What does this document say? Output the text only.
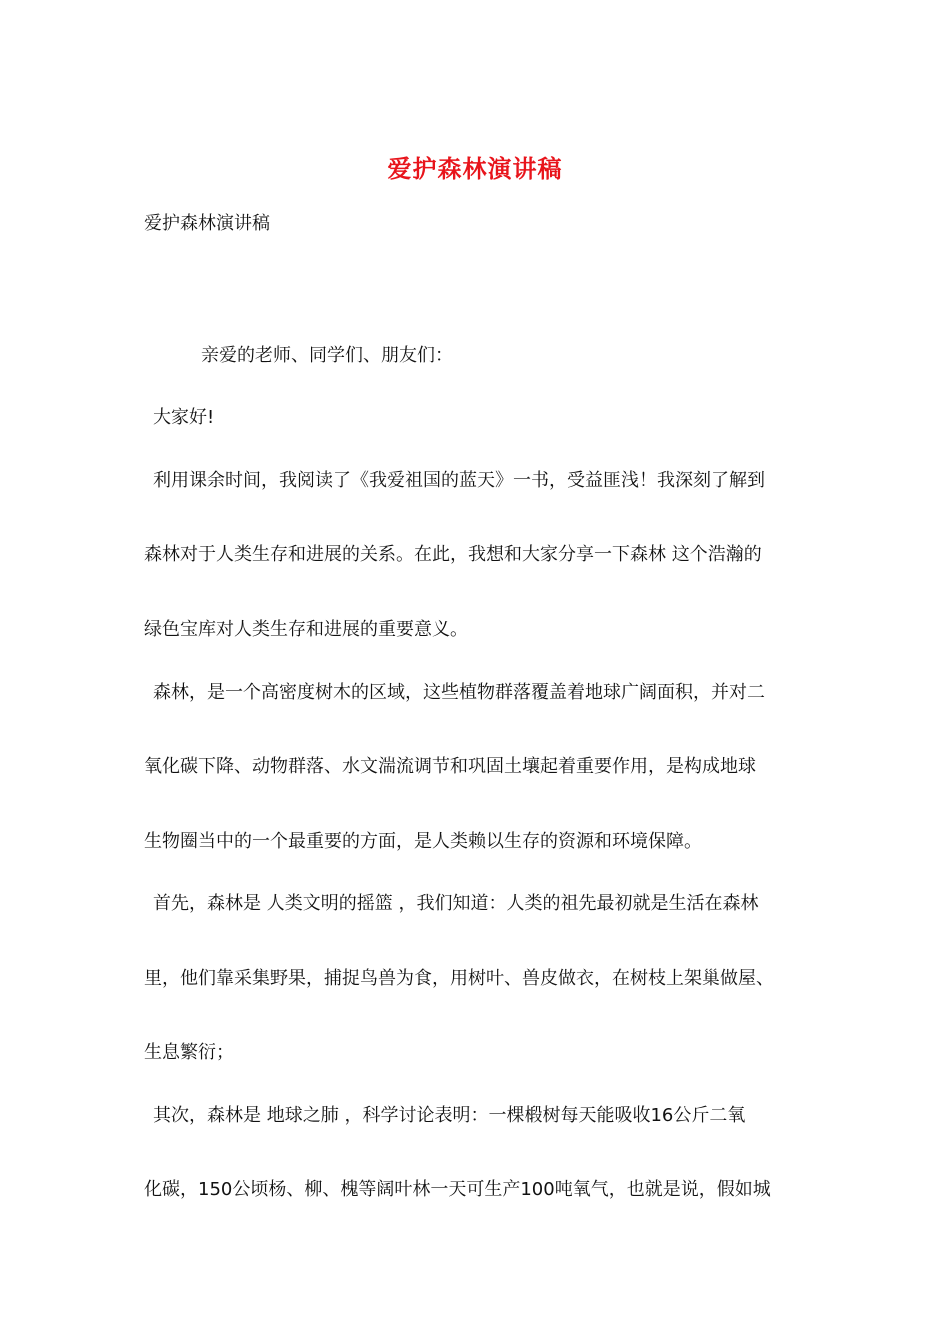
爱护森林演讲稿
爱护森林演讲稿
亲爱的老师、同学们、朋友们：
大家好!
利用课余时间，我阅读了《我爱祖国的蓝天》一书，受益匪浅！我深刻了解到
森林对于人类生存和进展的关系。在此，我想和大家分享一下森林 这个浩瀚的
绿色宝库对人类生存和进展的重要意义。
森林，是一个高密度树木的区域，这些植物群落覆盖着地球广阔面积，并对二
氧化碳下降、动物群落、水文湍流调节和巩固土壤起着重要作用，是构成地球
生物圈当中的一个最重要的方面，是人类赖以生存的资源和环境保障。
首先，森林是 人类文明的摇篮 ，我们知道：人类的祖先最初就是生活在森林
里，他们靠采集野果，捕捉鸟兽为食，用树叶、兽皮做衣，在树枝上架巢做屋、
生息繁衍；
其次，森林是 地球之肺 ，科学讨论表明：一棵椴树每天能吸收16公斤二氧
化碳，150公顷杨、柳、槐等阔叶林一天可生产100吨氧气，也就是说，假如城
